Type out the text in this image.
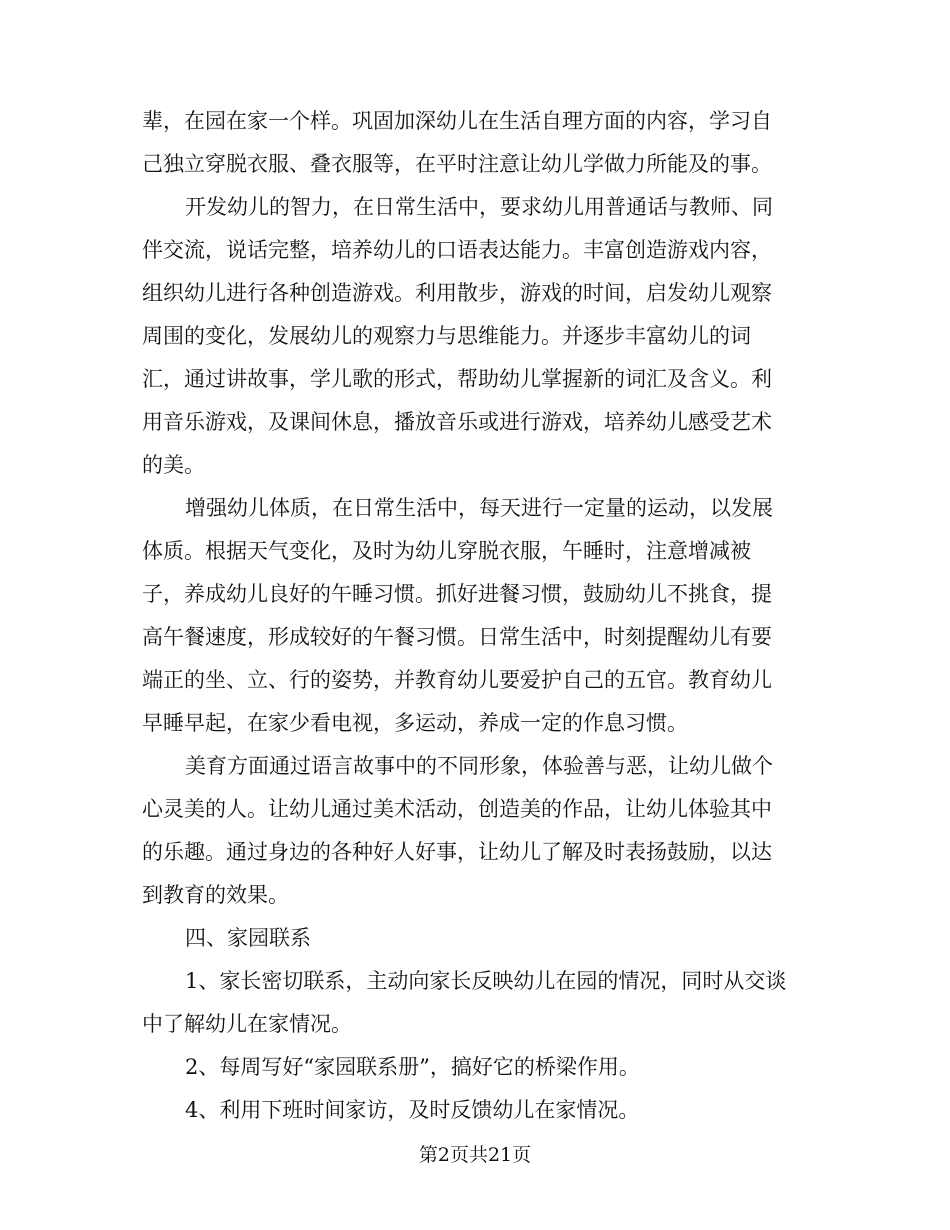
辈，在园在家一个样。巩固加深幼儿在生活自理方面的内容，学习自
己独立穿脱衣服、叠衣服等，在平时注意让幼儿学做力所能及的事。
开发幼儿的智力，在日常生活中，要求幼儿用普通话与教师、同
伴交流，说话完整，培养幼儿的口语表达能力。丰富创造游戏内容，
组织幼儿进行各种创造游戏。利用散步，游戏的时间，启发幼儿观察
周围的变化，发展幼儿的观察力与思维能力。并逐步丰富幼儿的词
汇，通过讲故事，学儿歌的形式，帮助幼儿掌握新的词汇及含义。利
用音乐游戏，及课间休息，播放音乐或进行游戏，培养幼儿感受艺术
的美。
增强幼儿体质，在日常生活中，每天进行一定量的运动，以发展
体质。根据天气变化，及时为幼儿穿脱衣服，午睡时，注意增减被
子，养成幼儿良好的午睡习惯。抓好进餐习惯，鼓励幼儿不挑食，提
高午餐速度，形成较好的午餐习惯。日常生活中，时刻提醒幼儿有要
端正的坐、立、行的姿势，并教育幼儿要爱护自己的五官。教育幼儿
早睡早起，在家少看电视，多运动，养成一定的作息习惯。
美育方面通过语言故事中的不同形象，体验善与恶，让幼儿做个
心灵美的人。让幼儿通过美术活动，创造美的作品，让幼儿体验其中
的乐趣。通过身边的各种好人好事，让幼儿了解及时表扬鼓励，以达
到教育的效果。
四、家园联系
1、家长密切联系，主动向家长反映幼儿在园的情况，同时从交谈
中了解幼儿在家情况。
2、每周写好“家园联系册”，搞好它的桥梁作用。
4、利用下班时间家访，及时反馈幼儿在家情况。
第2页共21页
